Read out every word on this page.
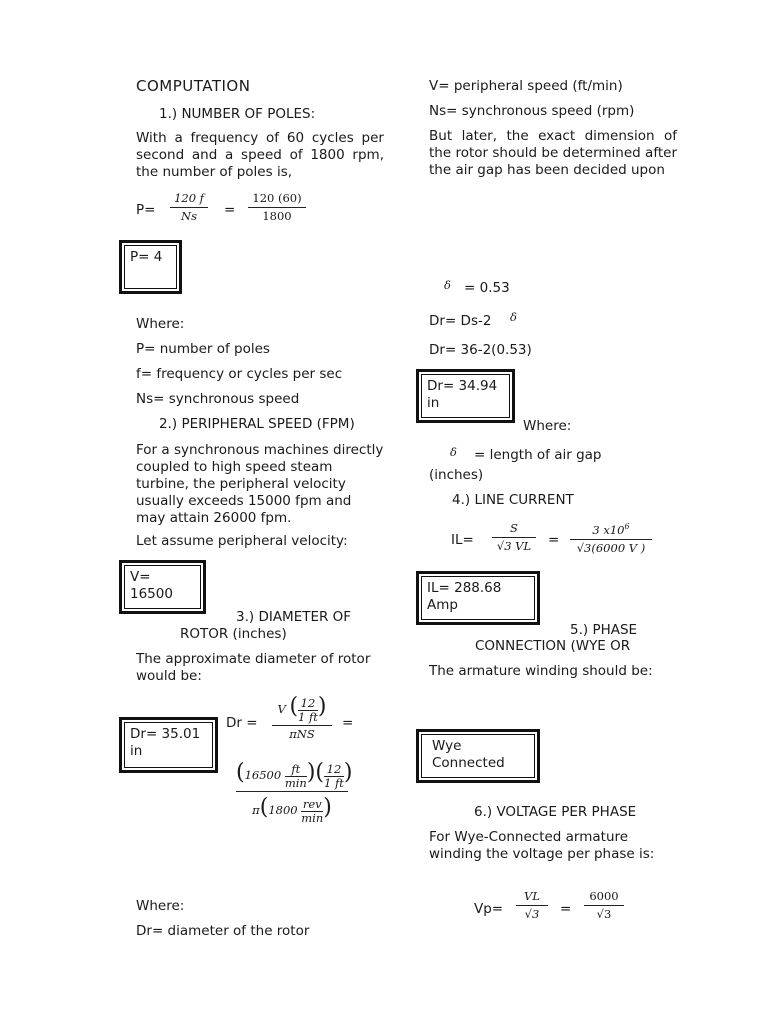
COMPUTATION
1.) NUMBER OF POLES:
With a frequency of 60 cycles per second and a speed of 1800 rpm, the number of poles is,
P=
120 f
Ns	=
120 (60)
1800
P= 4
Where:
P= number of poles
f= frequency or cycles per sec
Ns= synchronous speed
2.) PERIPHERAL SPEED (FPM)
For a synchronous machines directly coupled to high speed steam turbine, the peripheral velocity usually exceeds 15000 fpm and may attain 26000 fpm.
Let assume peripheral velocity:
V= 16500
3.) DIAMETER OF
ROTOR (inches)
The approximate diameter of rotor would be:
Dr= 35.01 in
Dr =
V ( $\frac{12}{1 ft}$ )
πNS
=
(16500 ft
min )( $\frac{12}{1 ft}$ )
π(1800 rev
min )
Where:
Dr= diameter of the rotor
V= peripheral speed (ft/min)
Ns= synchronous speed (rpm)
But later, the exact dimension of the rotor should be determined after the air gap has been decided upon
δ = 0.53
Dr= Ds-2 δ
Dr= 36-2(0.53)
Dr= 34.94 in
Where:
δ = length of air gap
(inches)
4.) LINE CURRENT
IL=
S
√3 VL	=
3 $x10^6$
√3(6000 V )
IL= 288.68 Amp
5.) PHASE
CONNECTION (WYE OR
The armature winding should be:
Wye Connected
6.) VOLTAGE PER PHASE
For Wye-Connected armature winding the voltage per phase is:
Vp=
VL
√3	=
6000
√3
